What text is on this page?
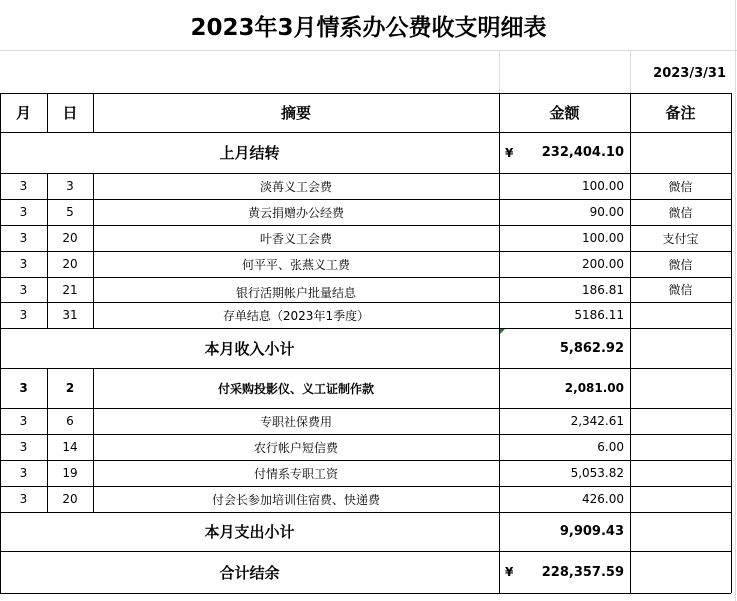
2023年3月情系办公费收支明细表
2023/3/31
月	日	摘要	金额	备注
上月结转	¥	232,404.10
3	3	淡苒义工会费	100.00	微信
3	5	黄云捐赠办公经费	90.00	微信
3	20	叶香义工会费	100.00	支付宝
3	20	何平平、张燕义工费	200.00	微信
3	21	银行活期帐户批量结息	186.81	微信
3	31	存单结息（2023年1季度）	5186.11
本月收入小计	5,862.92
3	2	付采购投影仪、义工证制作款	2,081.00
3	6	专职社保费用	2,342.61
3	14	农行帐户短信费	6.00
3	19	付情系专职工资	5,053.82
3	20	付会长参加培训住宿费、快递费	426.00
本月支出小计	9,909.43
合计结余	¥	228,357.59
